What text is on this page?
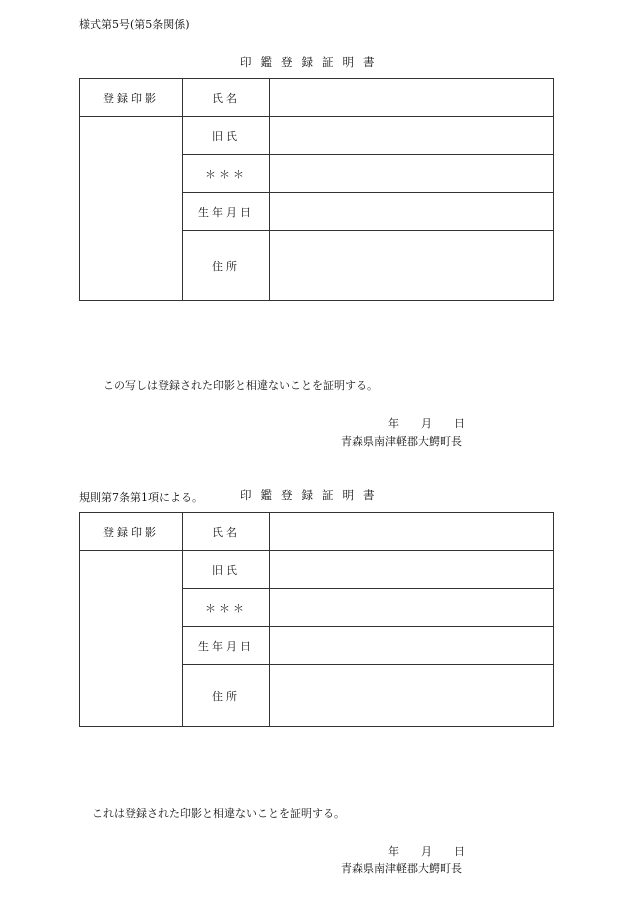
様式第5号(第5条関係)
印鑑登録証明書
登録印影	氏名	
	旧氏	
	＊＊＊	
	生年月日	
	住所	
この写しは登録された印影と相違ないことを証明する。
年　　月　　日
青森県南津軽郡大鰐町長
規則第7条第1項による。	印鑑登録証明書
登録印影	氏名	
	旧氏	
	＊＊＊	
	生年月日	
	住所	
これは登録された印影と相違ないことを証明する。
年　　月　　日
青森県南津軽郡大鰐町長
